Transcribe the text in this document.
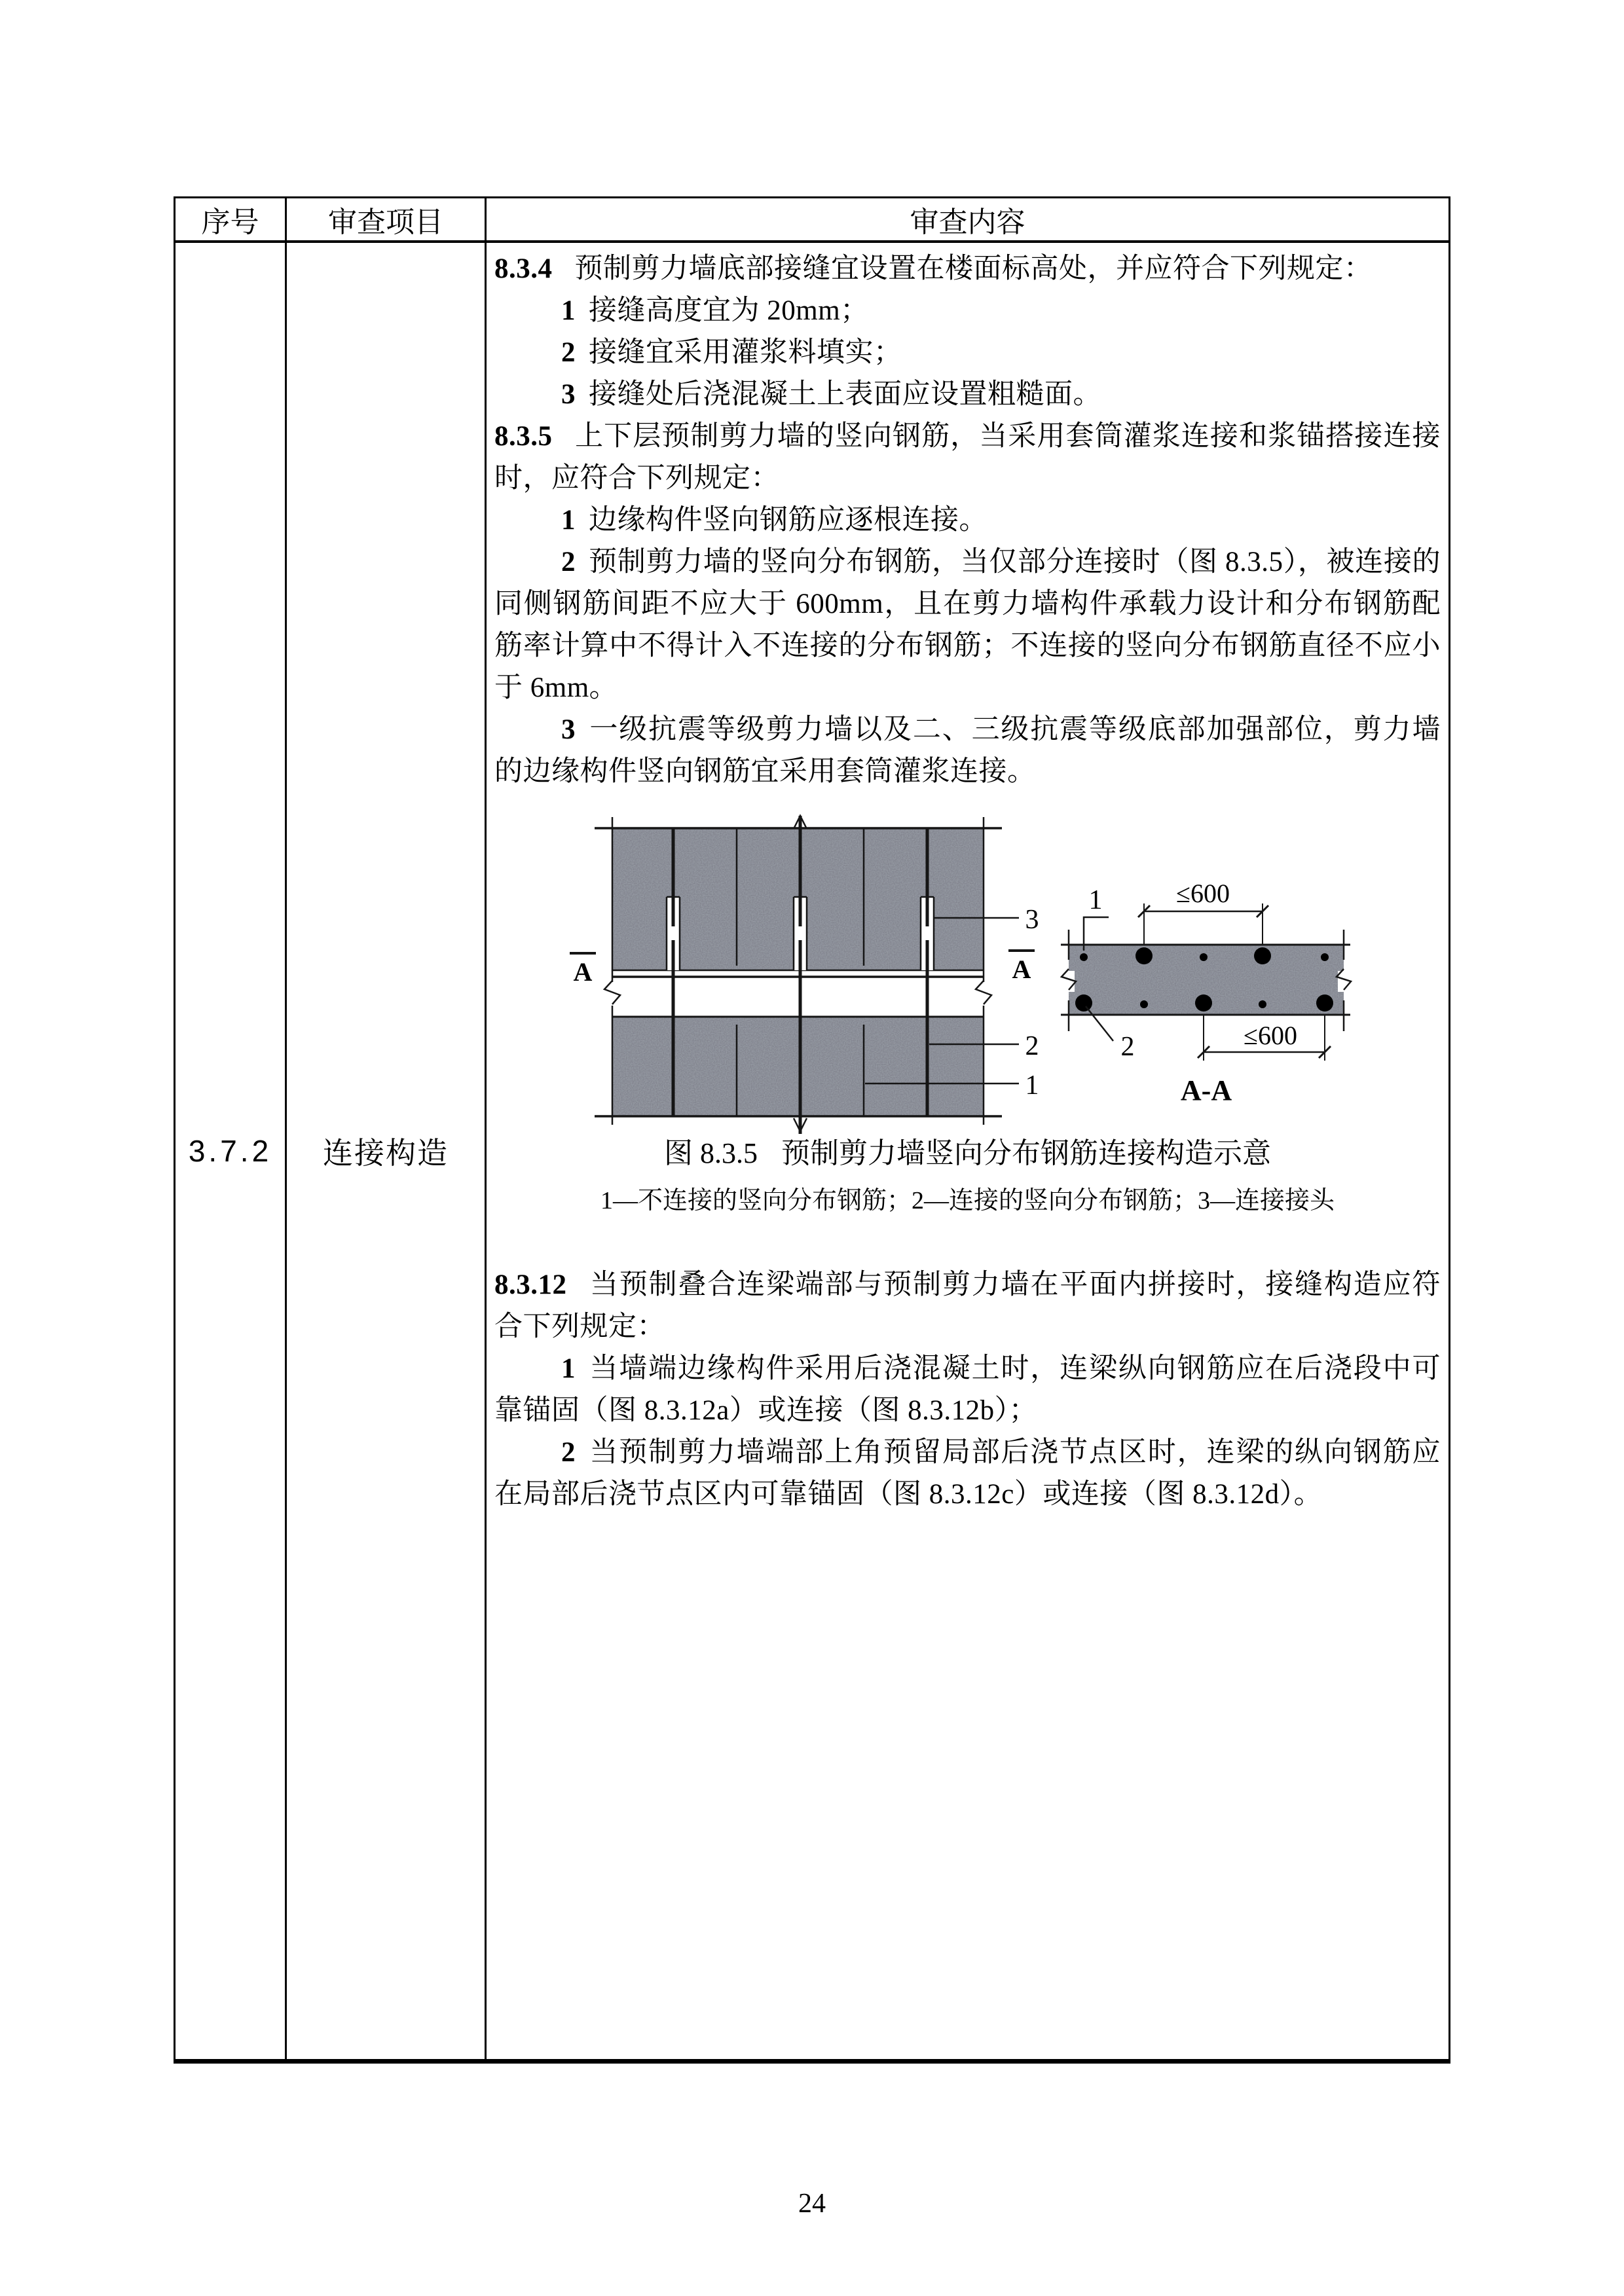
序号	审查项目	审查内容
3.7.2	连接构造
8.3.4 预制剪力墙底部接缝宜设置在楼面标高处，并应符合下列规定：
1 接缝高度宜为 20mm；
2 接缝宜采用灌浆料填实；
3 接缝处后浇混凝土上表面应设置粗糙面。
8.3.5 上下层预制剪力墙的竖向钢筋，当采用套筒灌浆连接和浆锚搭接连接时，应符合下列规定：
1 边缘构件竖向钢筋应逐根连接。
2 预制剪力墙的竖向分布钢筋，当仅部分连接时（图 8.3.5），被连接的同侧钢筋间距不应大于 600mm，且在剪力墙构件承载力设计和分布钢筋配筋率计算中不得计入不连接的分布钢筋；不连接的竖向分布钢筋直径不应小于 6mm。
3 一级抗震等级剪力墙以及二、三级抗震等级底部加强部位，剪力墙的边缘构件竖向钢筋宜采用套筒灌浆连接。
A	A
3
2
1
≤600
≤600
1
2
A-A
图 8.3.5 预制剪力墙竖向分布钢筋连接构造示意
1—不连接的竖向分布钢筋；2—连接的竖向分布钢筋；3—连接接头
8.3.12 当预制叠合连梁端部与预制剪力墙在平面内拼接时，接缝构造应符合下列规定：
1 当墙端边缘构件采用后浇混凝土时，连梁纵向钢筋应在后浇段中可靠锚固（图 8.3.12a）或连接（图 8.3.12b）；
2 当预制剪力墙端部上角预留局部后浇节点区时，连梁的纵向钢筋应在局部后浇节点区内可靠锚固（图 8.3.12c）或连接（图 8.3.12d）。
24
